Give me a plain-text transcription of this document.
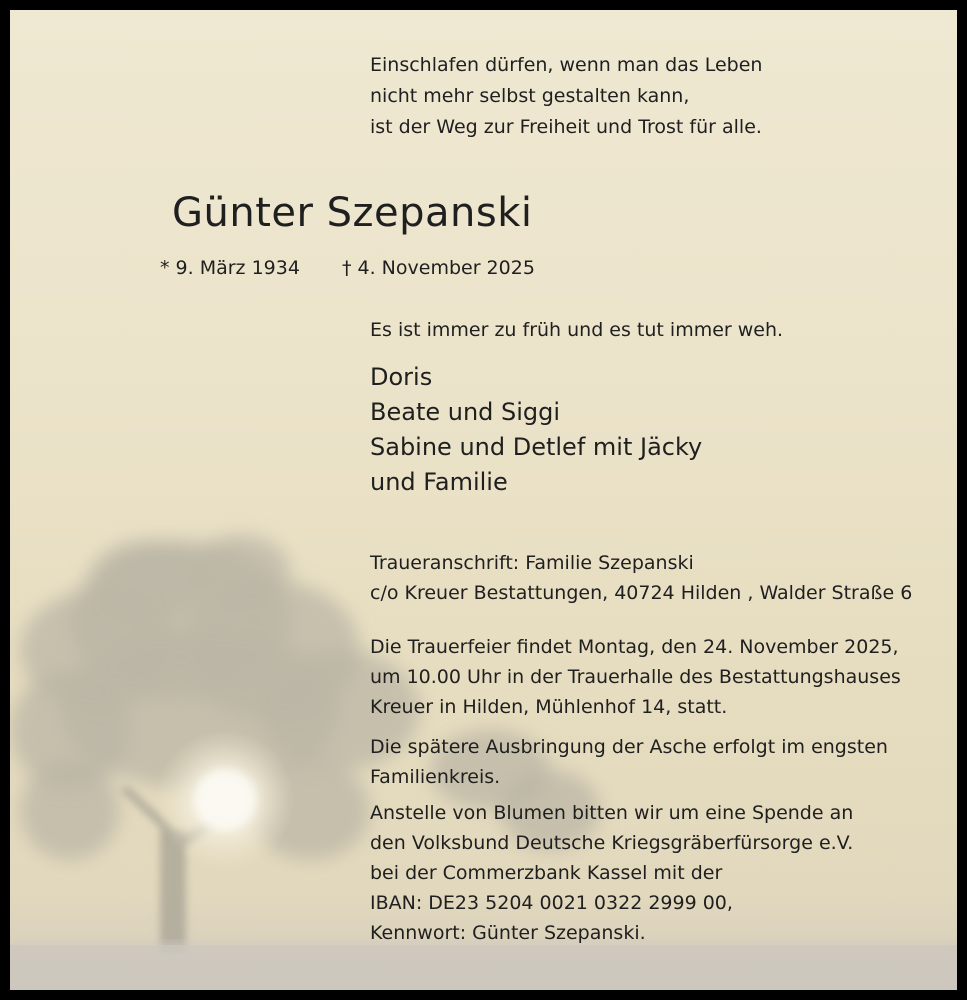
Einschlafen dürfen, wenn man das Leben
nicht mehr selbst gestalten kann,
ist der Weg zur Freiheit und Trost für alle.
Günter Szepanski
* 9. März 1934 † 4. November 2025
Es ist immer zu früh und es tut immer weh.
Doris
Beate und Siggi
Sabine und Detlef mit Jäcky
und Familie
Traueranschrift: Familie Szepanski
c/o Kreuer Bestattungen, 40724 Hilden , Walder Straße 6
Die Trauerfeier findet Montag, den 24. November 2025,
um 10.00 Uhr in der Trauerhalle des Bestattungshauses
Kreuer in Hilden, Mühlenhof 14, statt.
Die spätere Ausbringung der Asche erfolgt im engsten
Familienkreis.
Anstelle von Blumen bitten wir um eine Spende an
den Volksbund Deutsche Kriegsgräberfürsorge e.V.
bei der Commerzbank Kassel mit der
IBAN: DE23 5204 0021 0322 2999 00,
Kennwort: Günter Szepanski.
